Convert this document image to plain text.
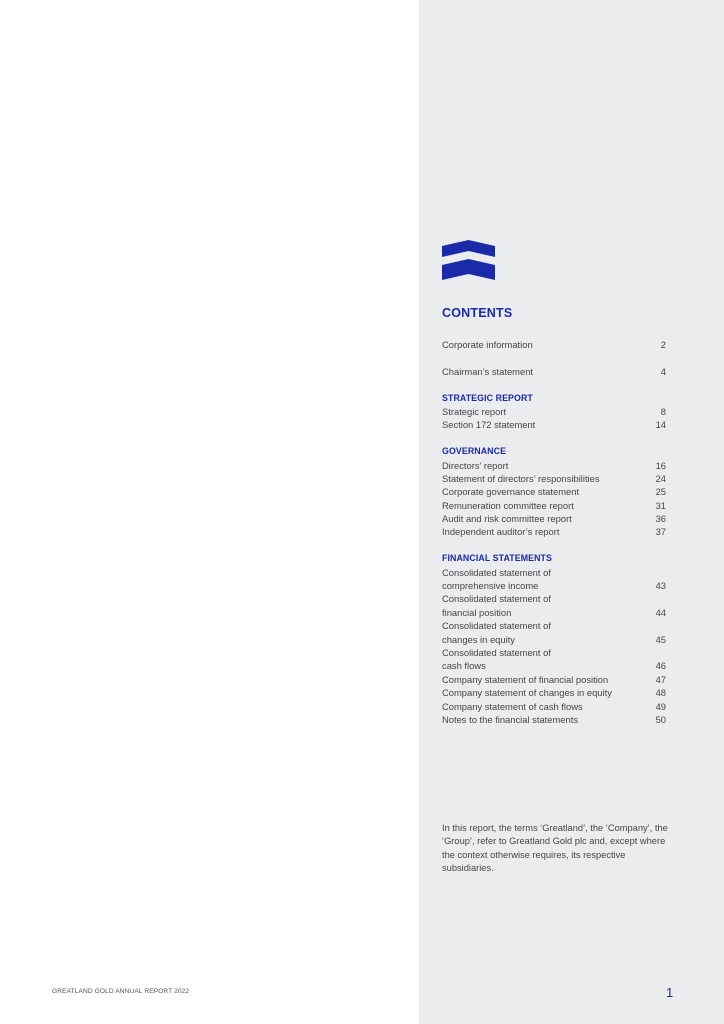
CONTENTS
Corporate information	2
Chairman’s statement	4
STRATEGIC REPORT
Strategic report	8
Section 172 statement	14
GOVERNANCE
Directors’ report	16
Statement of directors’ responsibilities	24
Corporate governance statement	25
Remuneration committee report	31
Audit and risk committee report	36
Independent auditor’s report	37
FINANCIAL STATEMENTS
Consolidated statement of
comprehensive income	43
Consolidated statement of
financial position	44
Consolidated statement of
changes in equity	45
Consolidated statement of
cash flows	46
Company statement of financial position	47
Company statement of changes in equity	48
Company statement of cash flows	49
Notes to the financial statements	50
In this report, the terms ‘Greatland’, the ‘Company’, the ‘Group’, refer to Greatland Gold plc and, except where the context otherwise requires, its respective subsidiaries.
GREATLAND GOLD ANNUAL REPORT 2022	1
